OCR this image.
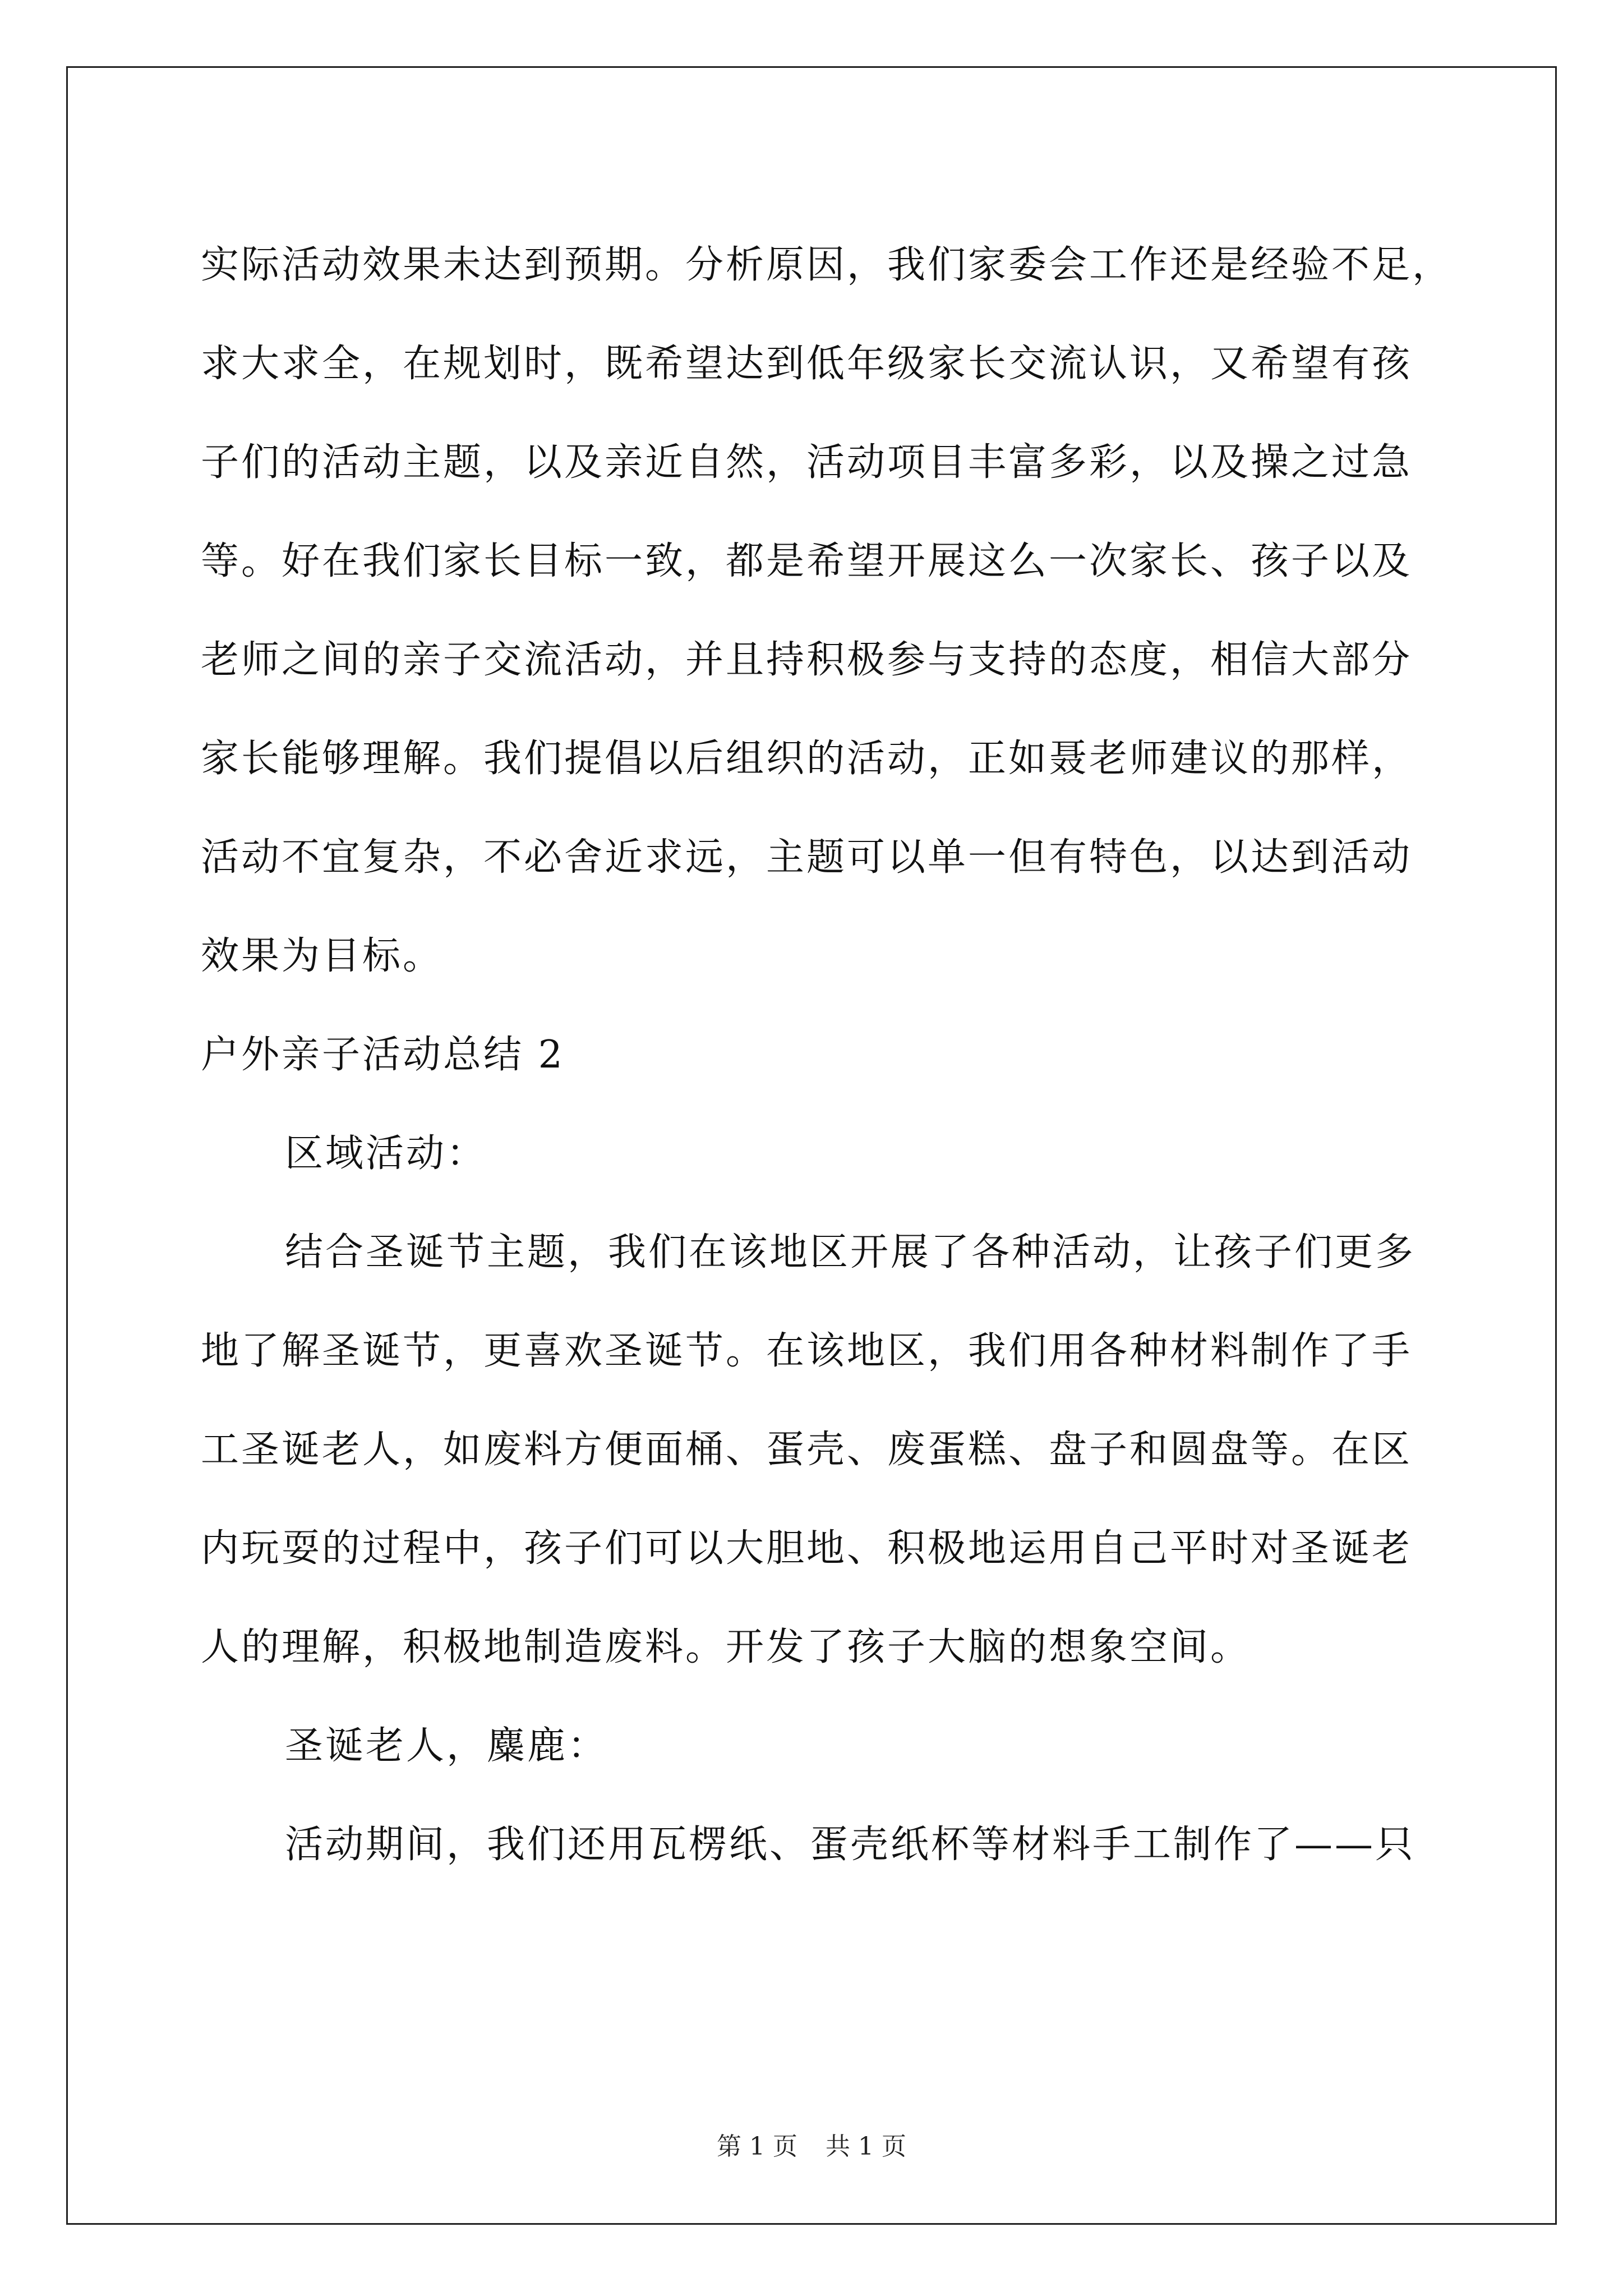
实际活动效果未达到预期。分析原因，我们家委会工作还是经验不足，
求大求全，在规划时，既希望达到低年级家长交流认识，又希望有孩
子们的活动主题，以及亲近自然，活动项目丰富多彩，以及操之过急
等。好在我们家长目标一致，都是希望开展这么一次家长、孩子以及
老师之间的亲子交流活动，并且持积极参与支持的态度，相信大部分
家长能够理解。我们提倡以后组织的活动，正如聂老师建议的那样，
活动不宜复杂，不必舍近求远，主题可以单一但有特色，以达到活动
效果为目标。
户外亲子活动总结 2
区域活动：
结合圣诞节主题，我们在该地区开展了各种活动，让孩子们更多
地了解圣诞节，更喜欢圣诞节。在该地区，我们用各种材料制作了手
工圣诞老人，如废料方便面桶、蛋壳、废蛋糕、盘子和圆盘等。在区
内玩耍的过程中，孩子们可以大胆地、积极地运用自己平时对圣诞老
人的理解，积极地制造废料。开发了孩子大脑的想象空间。
圣诞老人，麋鹿：
活动期间，我们还用瓦楞纸、蛋壳纸杯等材料手工制作了——只
第 1 页 共 1 页
